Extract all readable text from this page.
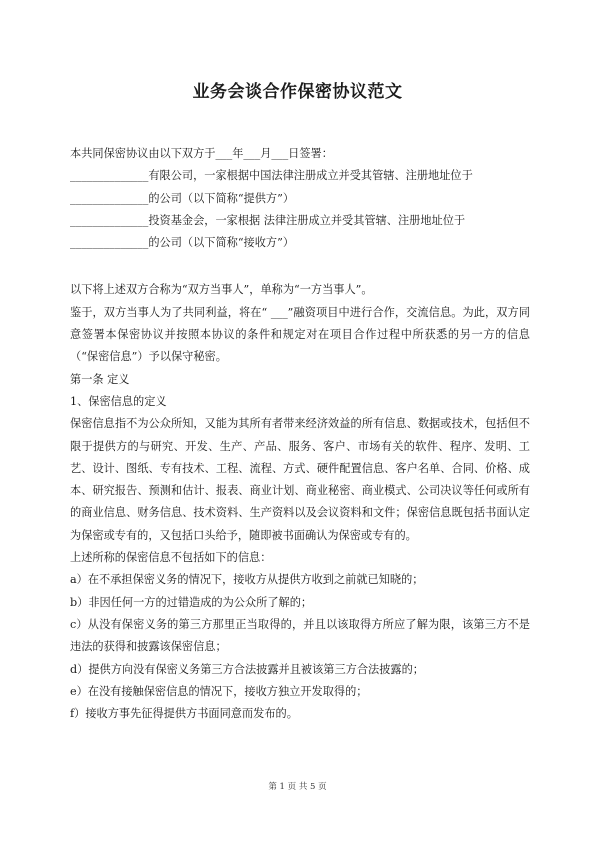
业务会谈合作保密协议范文
本共同保密协议由以下双方于___年___月___日签署：
______________有限公司，一家根据中国法律注册成立并受其管辖、注册地址位于
______________的公司（以下简称“提供方”）
______________投资基金会，一家根据 法律注册成立并受其管辖、注册地址位于
______________的公司（以下简称“接收方”）
以下将上述双方合称为“双方当事人”，单称为“一方当事人”。
鉴于，双方当事人为了共同利益，将在“ ___”融资项目中进行合作，交流信息。为此，双方同意签署本保密协议并按照本协议的条件和规定对在项目合作过程中所获悉的另一方的信息（“保密信息”）予以保守秘密。
第一条 定义
1、保密信息的定义
保密信息指不为公众所知，又能为其所有者带来经济效益的所有信息、数据或技术，包括但不限于提供方的与研究、开发、生产、产品、服务、客户、市场有关的软件、程序、发明、工艺、设计、图纸、专有技术、工程、流程、方式、硬件配置信息、客户名单、合同、价格、成本、研究报告、预测和估计、报表、商业计划、商业秘密、商业模式、公司决议等任何或所有的商业信息、财务信息、技术资料、生产资料以及会议资料和文件；保密信息既包括书面认定为保密或专有的，又包括口头给予，随即被书面确认为保密或专有的。
上述所称的保密信息不包括如下的信息：
a）在不承担保密义务的情况下，接收方从提供方收到之前就已知晓的；
b）非因任何一方的过错造成的为公众所了解的；
c）从没有保密义务的第三方那里正当取得的，并且以该取得方所应了解为限，该第三方不是违法的获得和披露该保密信息；
d）提供方向没有保密义务第三方合法披露并且被该第三方合法披露的；
e）在没有接触保密信息的情况下，接收方独立开发取得的；
f）接收方事先征得提供方书面同意而发布的。
第 1 页 共 5 页
